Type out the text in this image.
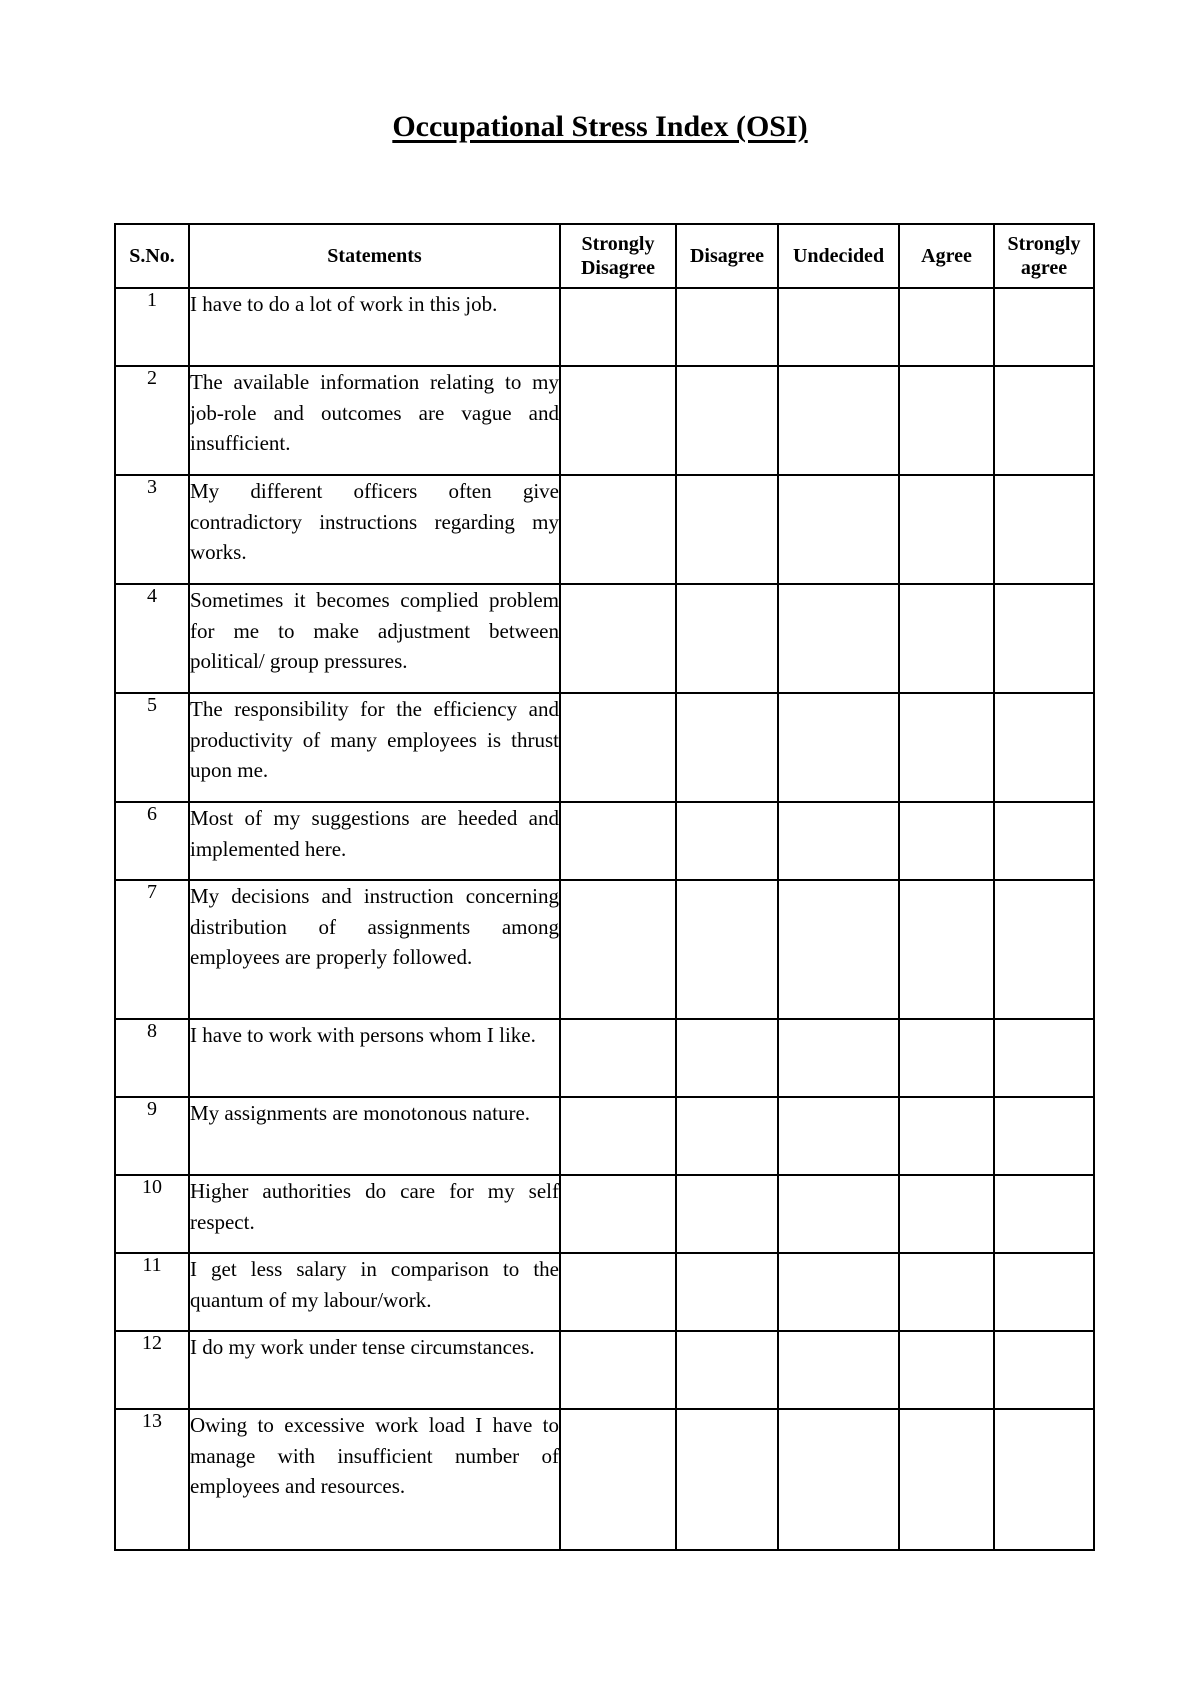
Occupational Stress Index (OSI)
S.No.	Statements	Strongly Disagree	Disagree	Undecided	Agree	Strongly agree
1	I have to do a lot of work in this job.					
2	The available information relating to my job-role and outcomes are vague and insufficient.					
3	My different officers often give contradictory instructions regarding my works.					
4	Sometimes it becomes complied problem for me to make adjustment between political/ group pressures.					
5	The responsibility for the efficiency and productivity of many employees is thrust upon me.					
6	Most of my suggestions are heeded and implemented here.					
7	My decisions and instruction concerning distribution of assignments among employees are properly followed.					
8	I have to work with persons whom I like.					
9	My assignments are monotonous nature.					
10	Higher authorities do care for my self respect.					
11	I get less salary in comparison to the quantum of my labour/work.					
12	I do my work under tense circumstances.					
13	Owing to excessive work load I have to manage with insufficient number of employees and resources.					
